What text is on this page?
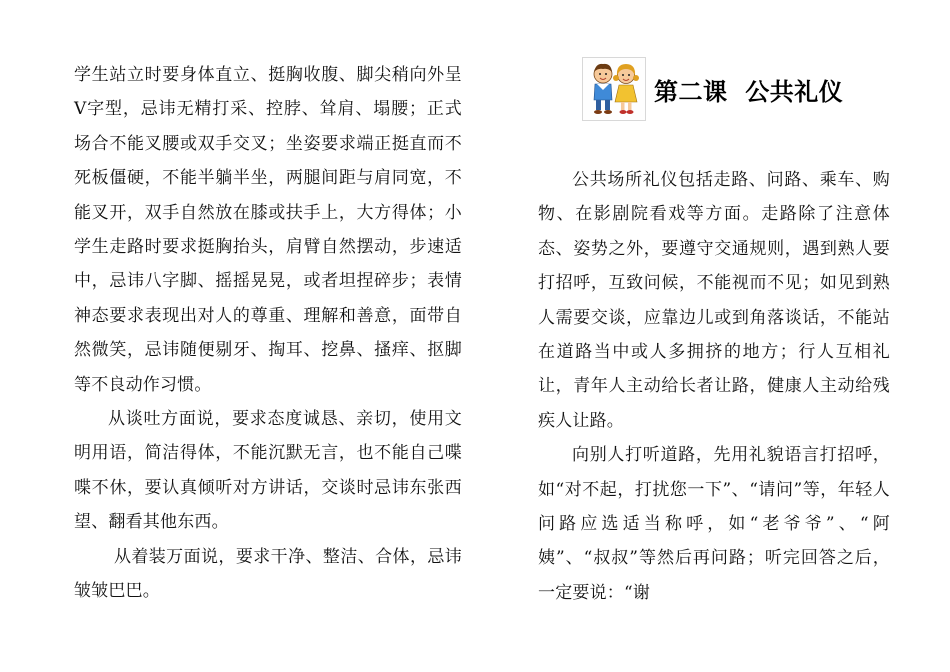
学生站立时要身体直立、挺胸收腹、脚尖稍向外呈Ⅴ字型，忌讳无精打采、控脖、耸肩、塌腰；正式场合不能叉腰或双手交叉；坐姿要求端正挺直而不死板僵硬，不能半躺半坐，两腿间距与肩同宽，不能叉开，双手自然放在膝或扶手上，大方得体；小学生走路时要求挺胸抬头，肩臂自然摆动，步速适中，忌讳八字脚、摇摇晃晃，或者坦捏碎步；表情神态要求表现出对人的尊重、理解和善意，面带自然微笑，忌讳随便剔牙、掏耳、挖鼻、搔痒、抠脚等不良动作习惯。

从谈吐方面说，要求态度诚恳、亲切，使用文明用语，简洁得体，不能沉默无言，也不能自己喋喋不休，要认真倾听对方讲话，交谈时忌讳东张西望、翻看其他东西。

从着装万面说，要求干净、整洁、合体，忌讳皱皱巴巴。

第二课  公共礼仪

公共场所礼仪包括走路、问路、乘车、购物、在影剧院看戏等方面。走路除了注意体态、姿势之外，要遵守交通规则，遇到熟人要打招呼，互致问候，不能视而不见；如见到熟人需要交谈，应靠边儿或到角落谈话，不能站在道路当中或人多拥挤的地方；行人互相礼让，青年人主动给长者让路，健康人主动给残疾人让路。

向别人打听道路，先用礼貌语言打招呼，如“对不起，打扰您一下”、“请问”等，年轻人问路应选适当称呼，如“老爷爷”、“阿姨”、“叔叔”等然后再问路；听完回答之后，一定要说：“谢
